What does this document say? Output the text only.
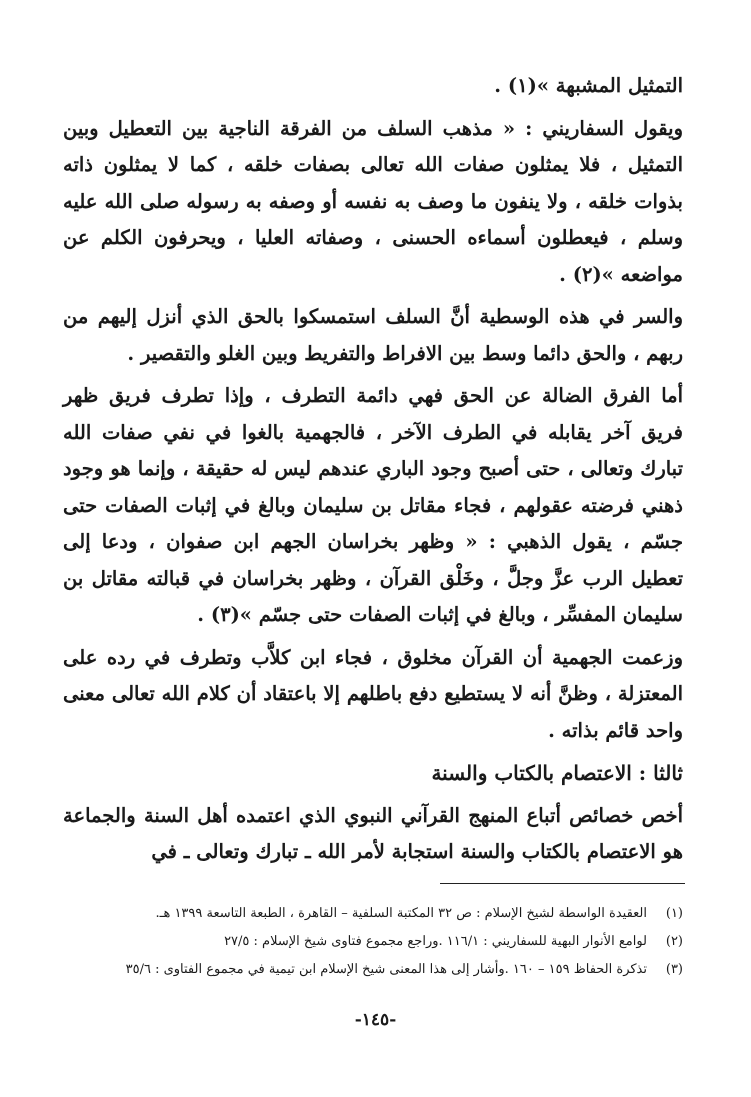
التمثيل المشبهة »(١) .

ويقول السفاريني : « مذهب السلف من الفرقة الناجية بين التعطيل وبين التمثيل ، فلا يمثلون صفات الله تعالى بصفات خلقه ، كما لا يمثلون ذاته بذوات خلقه ، ولا ينفون ما وصف به نفسه أو وصفه به رسوله صلى الله عليه وسلم ، فيعطلون أسماءه الحسنى ، وصفاته العليا ، ويحرفون الكلم عن مواضعه »(٢) .

والسر في هذه الوسطية أنَّ السلف استمسكوا بالحق الذي أنزل إليهم من ربهم ، والحق دائما وسط بين الافراط والتفريط وبين الغلو والتقصير .

أما الفرق الضالة عن الحق فهي دائمة التطرف ، وإذا تطرف فريق ظهر فريق آخر يقابله في الطرف الآخر ، فالجهمية بالغوا في نفي صفات الله تبارك وتعالى ، حتى أصبح وجود الباري عندهم ليس له حقيقة ، وإنما هو وجود ذهني فرضته عقولهم ، فجاء مقاتل بن سليمان وبالغ في إثبات الصفات حتى جسّم ، يقول الذهبي : « وظهر بخراسان الجهم ابن صفوان ، ودعا إلى تعطيل الرب عزَّ وجلَّ ، وخَلْق القرآن ، وظهر بخراسان في قبالته مقاتل بن سليمان المفسِّر ، وبالغ في إثبات الصفات حتى جسّم »(٣) .

وزعمت الجهمية أن القرآن مخلوق ، فجاء ابن كلاَّب وتطرف في رده على المعتزلة ، وظنَّ أنه لا يستطيع دفع باطلهم إلا باعتقاد أن كلام الله تعالى معنى واحد قائم بذاته .

ثالثا : الاعتصام بالكتاب والسنة

أخص خصائص أتباع المنهج القرآني النبوي الذي اعتمده أهل السنة والجماعة هو الاعتصام بالكتاب والسنة استجابة لأمر الله ـ تبارك وتعالى ـ في

(١)
العقيدة الواسطة لشيخ الإسلام : ص ٣٢ المكتبة السلفية – القاهرة ، الطبعة التاسعة ١٣٩٩ هـ.
(٢)
لوامع الأنوار البهية للسفاريني : ١١٦/١ .وراجع مجموع فتاوى شيخ الإسلام : ٢٧/٥
(٣)
تذكرة الحفاظ ١٥٩ – ١٦٠ .وأشار إلى هذا المعنى شيخ الإسلام ابن تيمية في مجموع الفتاوى : ٣٥/٦
-١٤٥-
